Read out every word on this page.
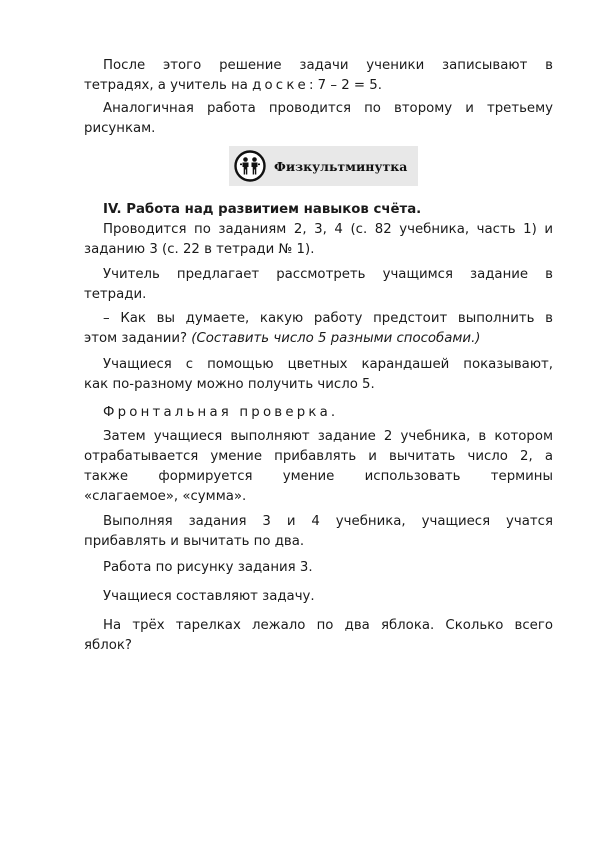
После этого решение задачи ученики записывают в
тетрадях, а учитель на доске: 7 – 2 = 5.
Аналогичная работа проводится по второму и третьему
рисункам.
Физкультминутка
IV. Работа над развитием навыков счёта.
Проводится по заданиям 2, 3, 4 (с. 82 учебника, часть 1) и
заданию 3 (с. 22 в тетради № 1).
Учитель предлагает рассмотреть учащимся задание в
тетради.
– Как вы думаете, какую работу предстоит выполнить в
этом задании? (Составить число 5 разными способами.)
Учащиеся с помощью цветных карандашей показывают,
как по-разному можно получить число 5.
Фронтальная проверка.
Затем учащиеся выполняют задание 2 учебника, в котором
отрабатывается умение прибавлять и вычитать число 2, а
также формируется умение использовать термины
«слагаемое», «сумма».
Выполняя задания 3 и 4 учебника, учащиеся учатся
прибавлять и вычитать по два.
Работа по рисунку задания 3.
Учащиеся составляют задачу.
На трёх тарелках лежало по два яблока. Сколько всего
яблок?
